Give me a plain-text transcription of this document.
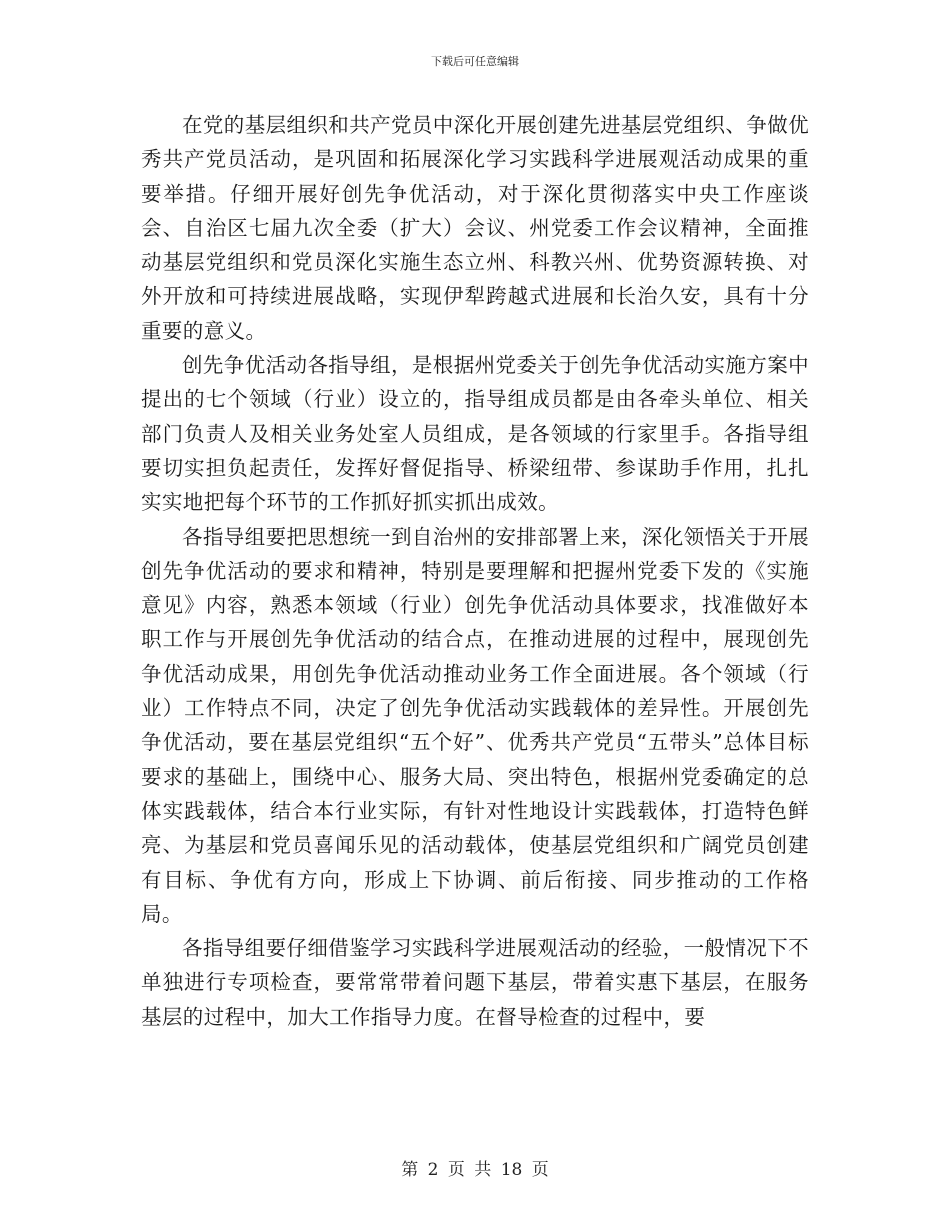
下载后可任意编辑

在党的基层组织和共产党员中深化开展创建先进基层党组织、争做优秀共产党员活动，是巩固和拓展深化学习实践科学进展观活动成果的重要举措。仔细开展好创先争优活动，对于深化贯彻落实中央工作座谈会、自治区七届九次全委（扩大）会议、州党委工作会议精神，全面推动基层党组织和党员深化实施生态立州、科教兴州、优势资源转换、对外开放和可持续进展战略，实现伊犁跨越式进展和长治久安，具有十分重要的意义。

创先争优活动各指导组，是根据州党委关于创先争优活动实施方案中提出的七个领域（行业）设立的，指导组成员都是由各牵头单位、相关部门负责人及相关业务处室人员组成，是各领域的行家里手。各指导组要切实担负起责任，发挥好督促指导、桥梁纽带、参谋助手作用，扎扎实实地把每个环节的工作抓好抓实抓出成效。

各指导组要把思想统一到自治州的安排部署上来，深化领悟关于开展创先争优活动的要求和精神，特别是要理解和把握州党委下发的《实施意见》内容，熟悉本领域（行业）创先争优活动具体要求，找准做好本职工作与开展创先争优活动的结合点，在推动进展的过程中，展现创先争优活动成果，用创先争优活动推动业务工作全面进展。各个领域（行业）工作特点不同，决定了创先争优活动实践载体的差异性。开展创先争优活动，要在基层党组织“五个好”、优秀共产党员“五带头”总体目标要求的基础上，围绕中心、服务大局、突出特色，根据州党委确定的总体实践载体，结合本行业实际，有针对性地设计实践载体，打造特色鲜亮、为基层和党员喜闻乐见的活动载体，使基层党组织和广阔党员创建有目标、争优有方向，形成上下协调、前后衔接、同步推动的工作格局。

各指导组要仔细借鉴学习实践科学进展观活动的经验，一般情况下不单独进行专项检查，要常常带着问题下基层，带着实惠下基层，在服务基层的过程中，加大工作指导力度。在督导检查的过程中，要

第 2 页 共 18 页
